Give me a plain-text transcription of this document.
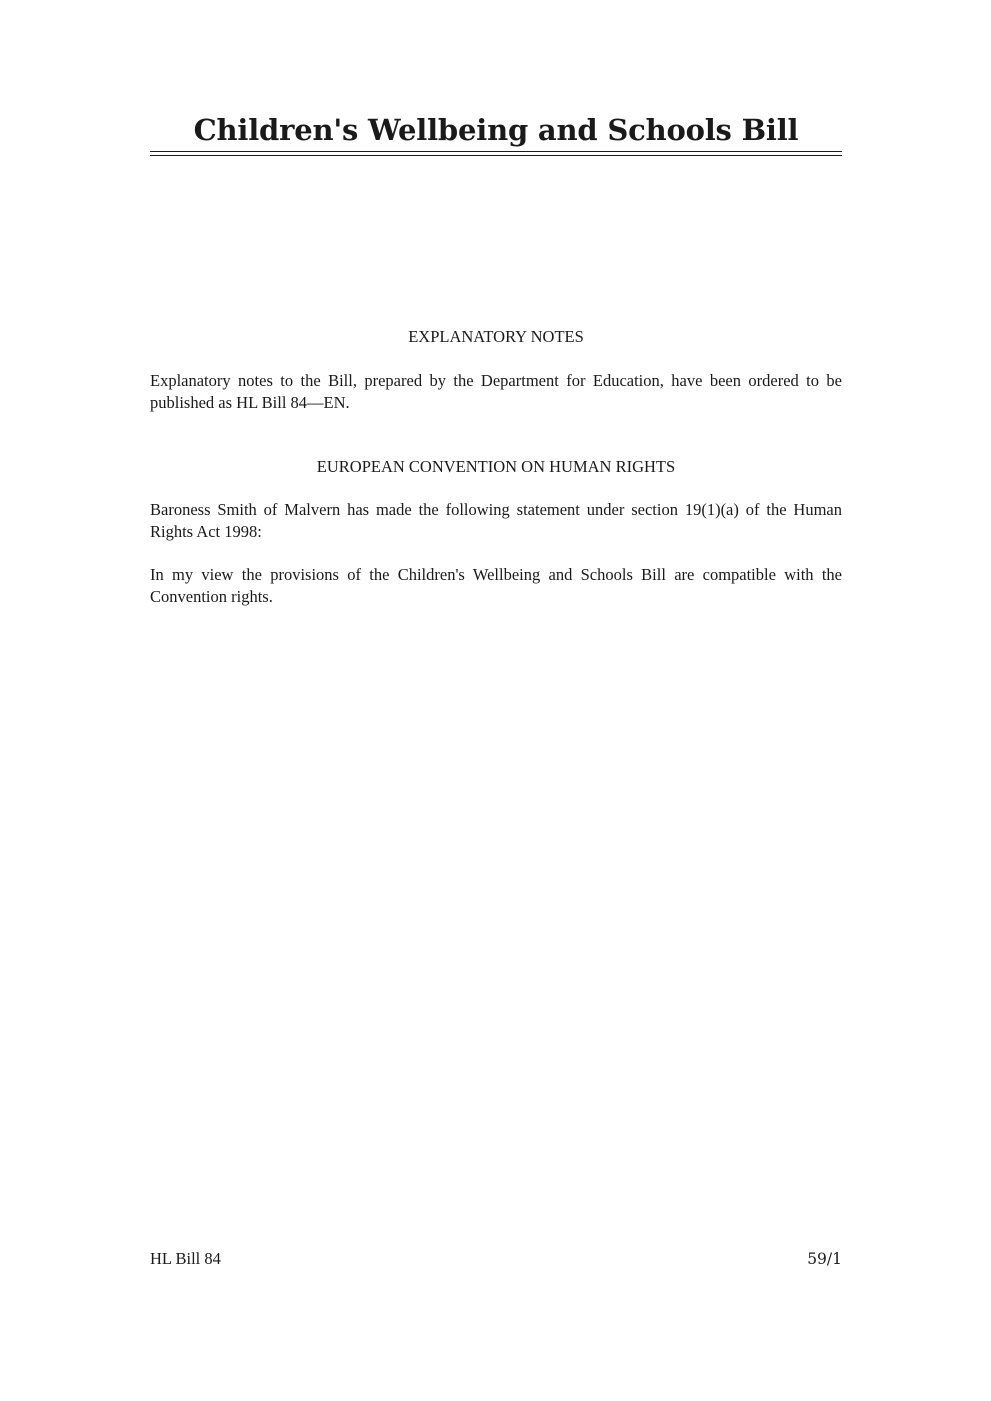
Children's Wellbeing and Schools Bill
EXPLANATORY NOTES

Explanatory notes to the Bill, prepared by the Department for Education, have been ordered to be published as HL Bill 84—EN.

EUROPEAN CONVENTION ON HUMAN RIGHTS

Baroness Smith of Malvern has made the following statement under section 19(1)(a) of the Human Rights Act 1998:

In my view the provisions of the Children's Wellbeing and Schools Bill are compatible with the Convention rights.

HL Bill 84	59/1
